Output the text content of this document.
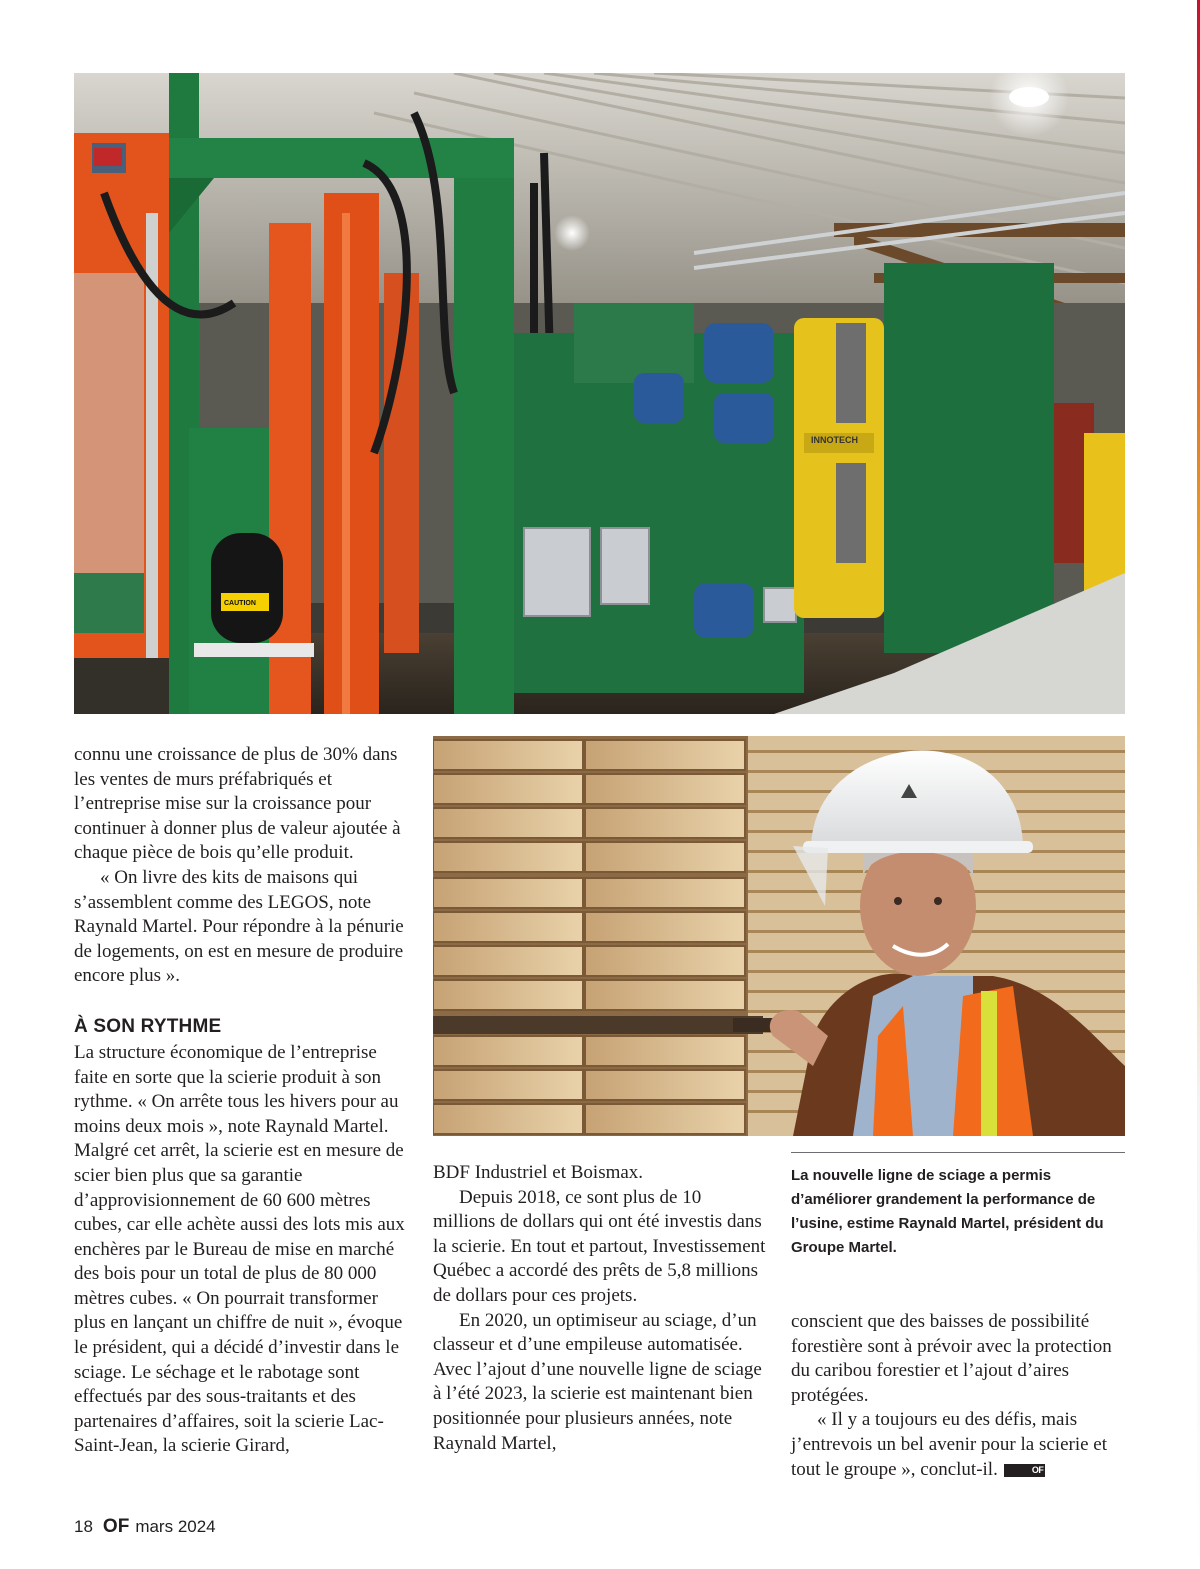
INNOTECH
CAUTION

connu une croissance de plus de 30% dans les ventes de murs préfabriqués et l’entreprise mise sur la croissance pour continuer à donner plus de valeur ajoutée à chaque pièce de bois qu’elle produit.

« On livre des kits de maisons qui s’assemblent comme des LEGOS, note Raynald Martel. Pour répondre à la pénurie de logements, on est en mesure de produire encore plus ».

À SON RYTHME

La structure économique de l’entreprise faite en sorte que la scierie produit à son rythme. « On arrête tous les hivers pour au moins deux mois », note Raynald Martel. Malgré cet arrêt, la scierie est en mesure de scier bien plus que sa garantie d’approvisionnement de 60 600 mètres cubes, car elle achète aussi des lots mis aux enchères par le Bureau de mise en marché des bois pour un total de plus de 80 000 mètres cubes. « On pourrait transformer plus en lançant un chiffre de nuit », évoque le président, qui a décidé d’investir dans le sciage. Le séchage et le rabotage sont effectués par des sous-traitants et des partenaires d’affaires, soit la scierie Lac-Saint-Jean, la scierie Girard,

La nouvelle ligne de sciage a permis d’améliorer grandement la performance de l’usine, estime Raynald Martel, président du Groupe Martel.

BDF Industriel et Boismax.

Depuis 2018, ce sont plus de 10 millions de dollars qui ont été investis dans la scierie. En tout et partout, Investissement Québec a accordé des prêts de 5,8 millions de dollars pour ces projets.

En 2020, un optimiseur au sciage, d’un classeur et d’une empileuse automatisée. Avec l’ajout d’une nouvelle ligne de sciage à l’été 2023, la scierie est maintenant bien positionnée pour plusieurs années, note Raynald Martel,

conscient que des baisses de possibilité forestière sont à prévoir avec la protection du caribou forestier et l’ajout d’aires protégées.

« Il y a toujours eu des défis, mais j’entrevois un bel avenir pour la scierie et tout le groupe », conclut-il.	OF

18 OF mars 2024
